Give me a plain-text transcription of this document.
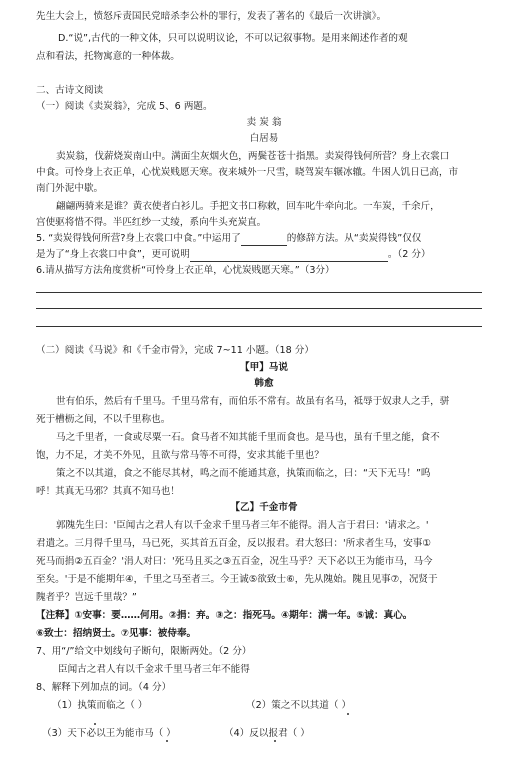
先生大会上，愤怒斥责国民党暗杀李公朴的罪行，发表了著名的《最后一次讲演》。
D.“说”,古代的一种文体，只可以说明议论，不可以记叙事物。是用来阐述作者的观
点和看法，托物寓意的一种体裁。
二、古诗文阅读
（一）阅读《卖炭翁》，完成 5、6 两题。
卖 炭 翁
白居易
卖炭翁，伐薪烧炭南山中。满面尘灰烟火色，两鬓苍苍十指黑。卖炭得钱何所营？身上衣裳口
中食。可怜身上衣正单，心忧炭贱愿天寒。夜来城外一尺雪，晓驾炭车辗冰辙。牛困人饥日已高，市
南门外泥中歇。
翩翩两骑来是谁？黄衣使者白衫儿。手把文书口称敕，回车叱牛牵向北。一车炭，千余斤，
宫使驱将惜不得。半匹红纱一丈绫，系向牛头充炭直。
5. “卖炭得钱何所营?身上衣裳口中食。”中运用了	的修辞方法。从“卖炭得钱”仅仅
是为了“身上衣裳口中食”，更可说明	。（2 分）
6.请从描写方法角度赏析“可怜身上衣正单，心忧炭贱愿天寒。”（3分）
（二）阅读《马说》和《千金市骨》，完成 7~11 小题。（18 分）
【甲】马说
韩愈
世有伯乐，然后有千里马。千里马常有，而伯乐不常有。故虽有名马，祗辱于奴隶人之手，骈
死于槽枥之间，不以千里称也。
马之千里者，一食或尽粟一石。食马者不知其能千里而食也。是马也，虽有千里之能，食不
饱，力不足，才美不外见，且欲与常马等不可得，安求其能千里也？
策之不以其道，食之不能尽其材，鸣之而不能通其意，执策而临之，曰：“天下无马！”呜
呼！其真无马邪？其真不知马也！
【乙】千金市骨
郭隗先生曰：'臣闻古之君人有以千金求千里马者三年不能得。涓人言于君曰：'请求之。'
君遣之。三月得千里马，马已死，买其首五百金，反以报君。君大怒曰：'所求者生马，安事①
死马而捐②五百金？'涓人对曰：'死马且买之③五百金，况生马乎？天下必以王为能市马，马今
至矣。'于是不能期年④，千里之马至者三。今王诚⑤欲致士⑥，先从隗始。隗且见事⑦，况贤于
隗者乎？岂远千里哉？”
【注释】①安事：要……何用。②捐：弃。③之：指死马。④期年：满一年。⑤诚：真心。
⑥致士：招纳贤士。⑦见事：被侍奉。
7、用“/”给文中划线句子断句，限断两处。（2 分）
臣闻古之君人有以千金求千里马者三年不能得
8、解释下列加点的词。（4 分）
（1）执策而临之（ ）	（2）策之不以其道（ ）
（3）天下必以王为能市马（ ）	（4）反以报君（ ）
